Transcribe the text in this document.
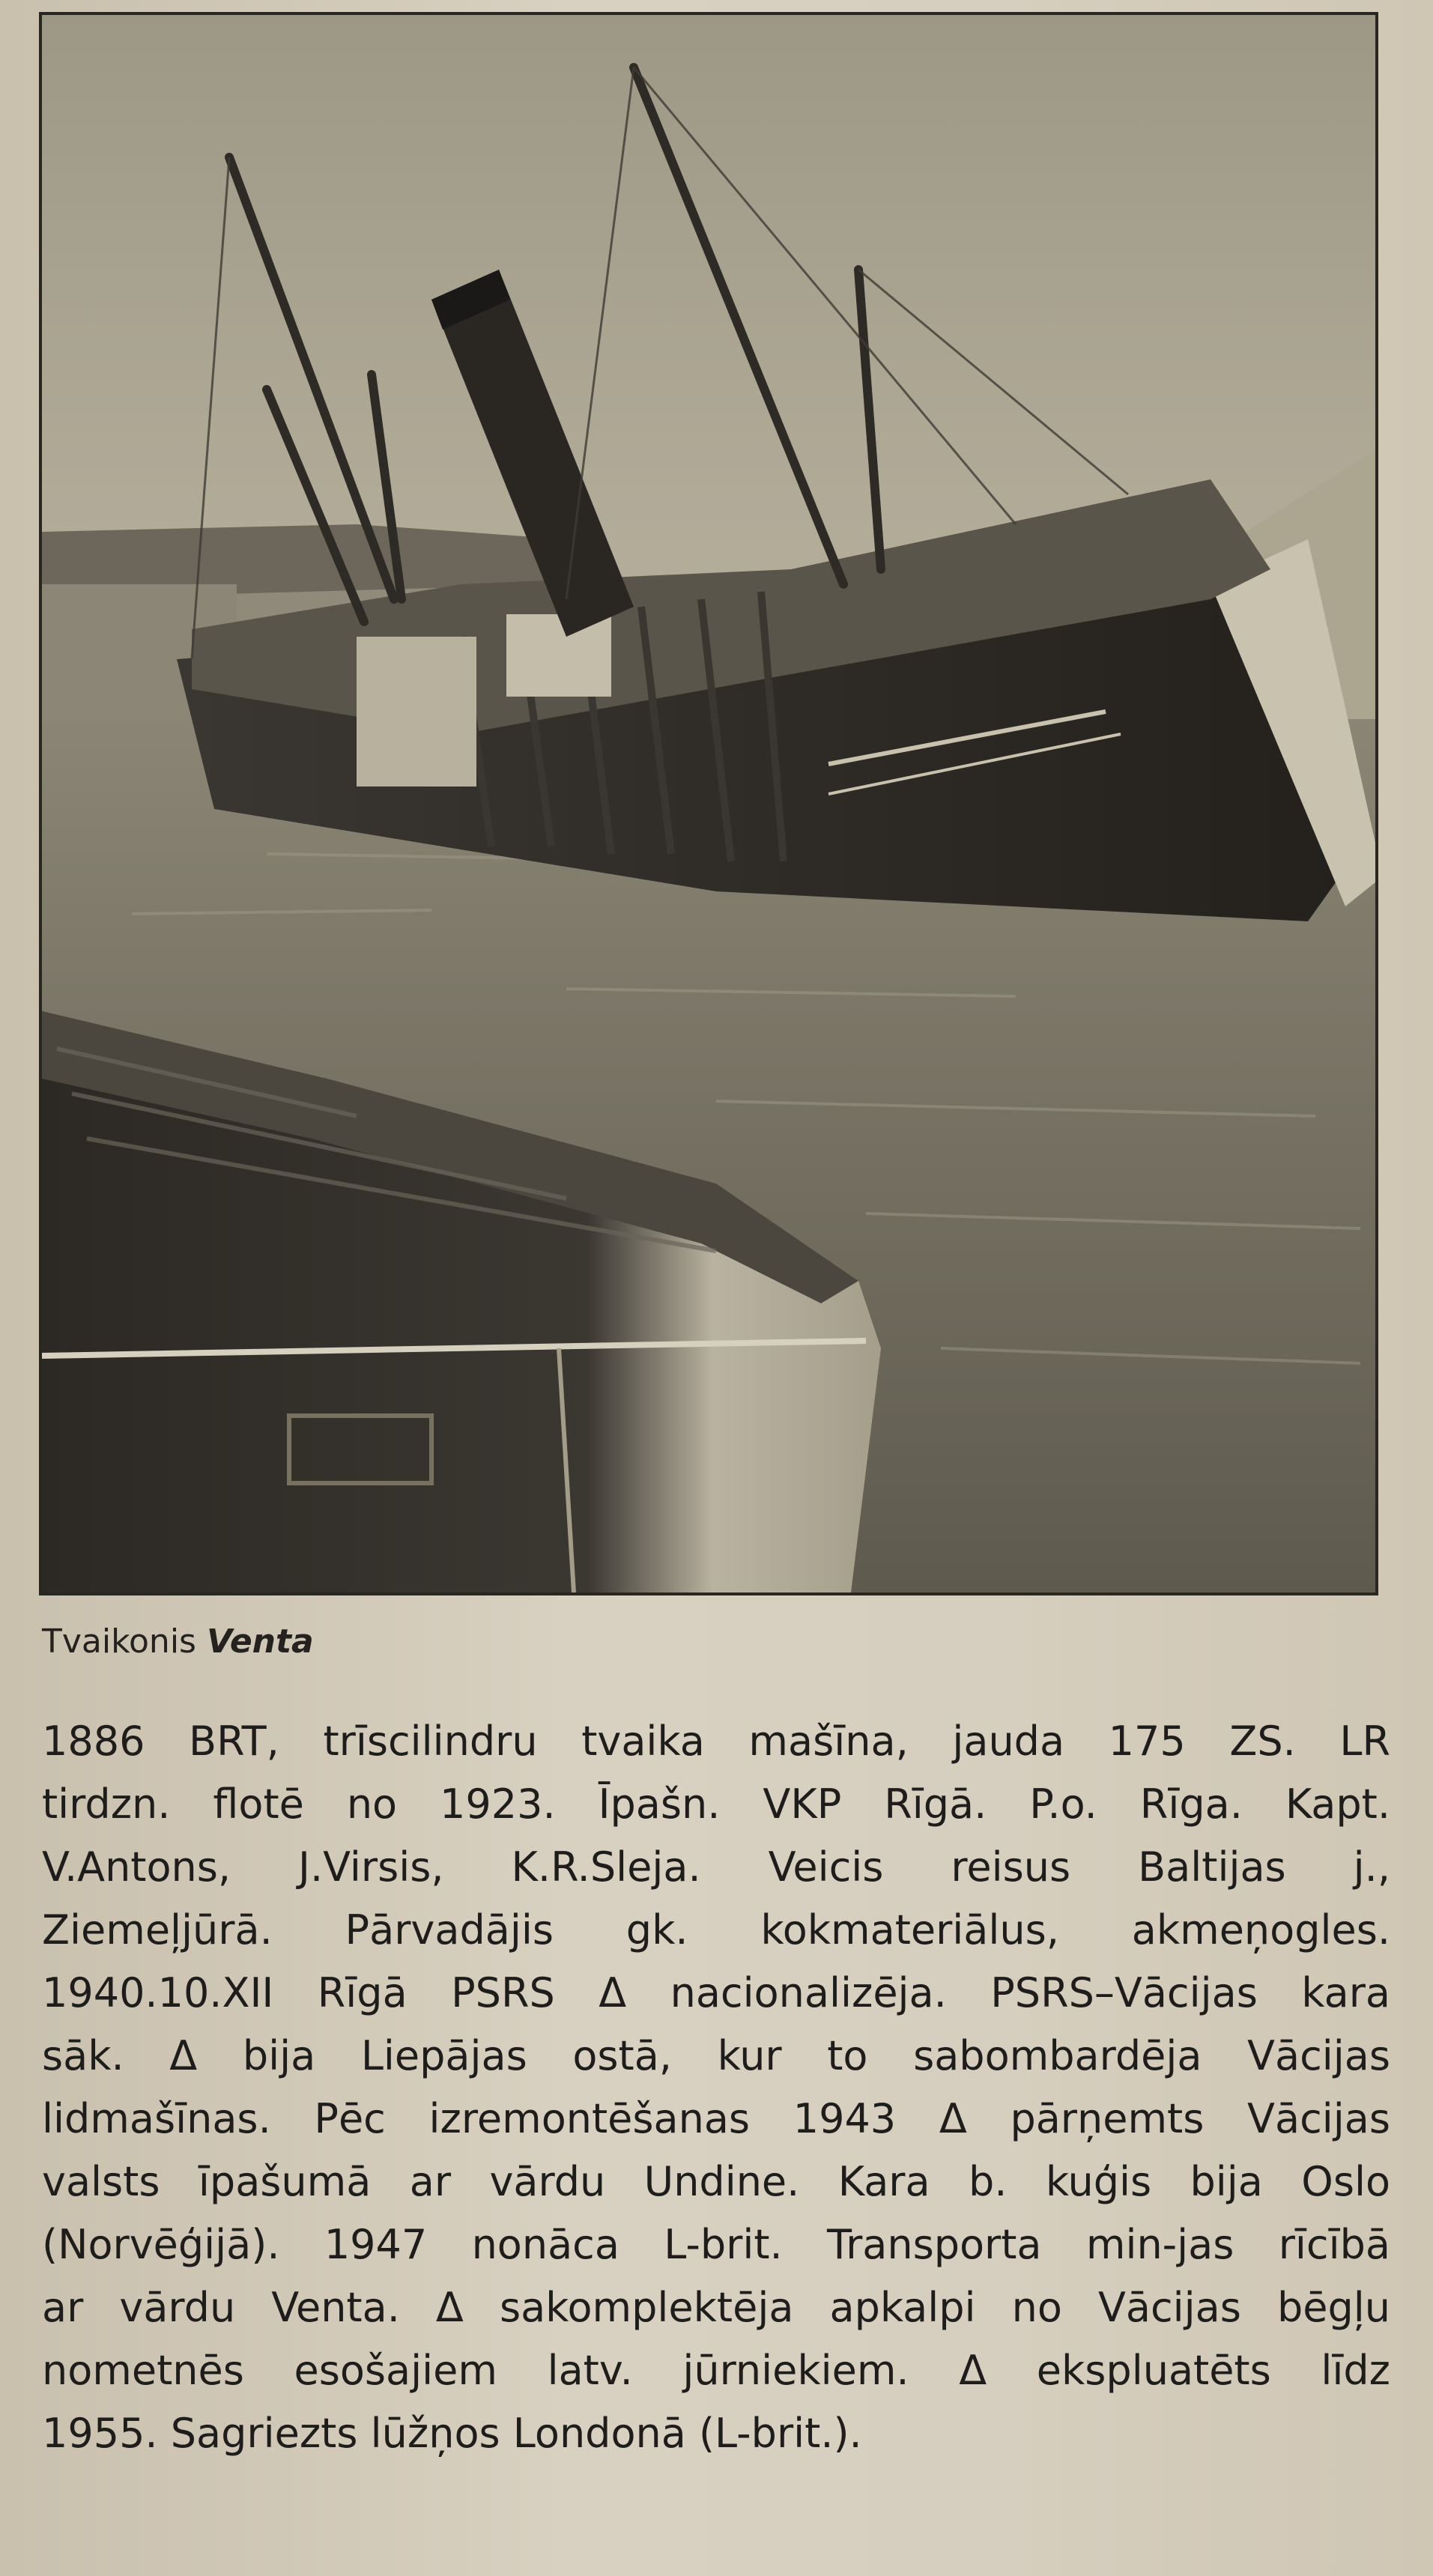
Tvaikonis Venta
1886 BRT, trīscilindru tvaika mašīna, jauda 175 ZS. LR
tirdzn. flotē no 1923. Īpašn. VKP Rīgā. P.o. Rīga. Kapt.
V.Antons, J.Virsis, K.R.Sleja. Veicis reisus Baltijas j.,
Ziemeļjūrā. Pārvadājis gk. kokmateriālus, akmeņogles.
1940.10.XII Rīgā PSRS Δ nacionalizēja. PSRS–Vācijas kara
sāk. Δ bija Liepājas ostā, kur to sabombardēja Vācijas
lidmašīnas. Pēc izremontēšanas 1943 Δ pārņemts Vācijas
valsts īpašumā ar vārdu Undine. Kara b. kuģis bija Oslo
(Norvēģijā). 1947 nonāca L-brit. Transporta min-jas rīcībā
ar vārdu Venta. Δ sakomplektēja apkalpi no Vācijas bēgļu
nometnēs esošajiem latv. jūrniekiem. Δ ekspluatēts līdz
1955. Sagriezts lūžņos Londonā (L-brit.).
